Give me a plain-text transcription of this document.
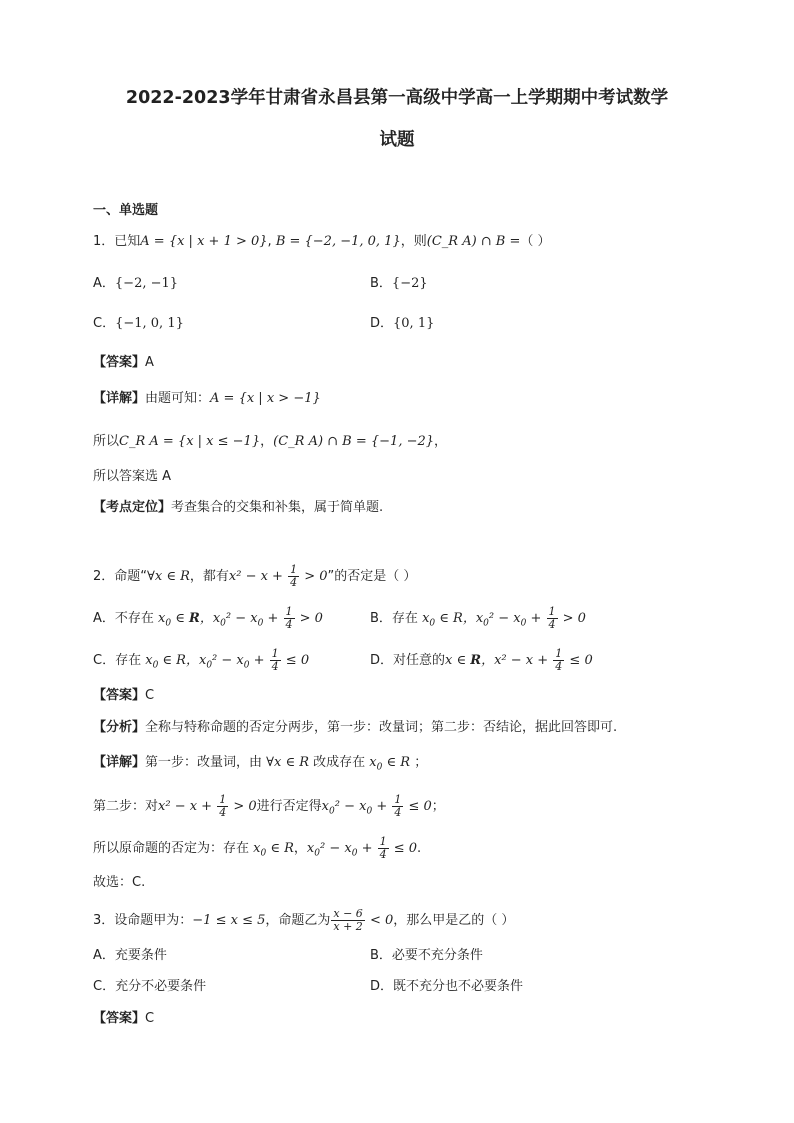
2022-2023学年甘肃省永昌县第一高级中学高一上学期期中考试数学
试题
一、单选题
1．已知A = {x | x + 1 > 0}, B = {−2, −1, 0, 1}，则(C_R A) ∩ B =（ ）
A．{−2, −1}	B．{−2}
C．{−1, 0, 1}	D．{0, 1}
【答案】A
【详解】由题可知：A = {x | x > −1}
所以C_R A = {x | x ≤ −1}，(C_R A) ∩ B = {−1, −2}，
所以答案选 A
【考点定位】考查集合的交集和补集，属于简单题.
2．命题“∀x ∈ R，都有$x^2 - x + \frac{1}{4} > 0$”的否定是（ ）
A．不存在 $x_0$ ∈ R，$x_0^2 - x_0 + \frac{1}{4} > 0$	B．存在 $x_0$ ∈ R，$x_0^2 - x_0 + \frac{1}{4} > 0$
C．存在 $x_0$ ∈ R，$x_0^2 - x_0 + \frac{1}{4} \le 0$	D．对任意的x ∈ R，$x^2 - x + \frac{1}{4} \le 0$
【答案】C
【分析】全称与特称命题的否定分两步，第一步：改量词；第二步：否结论，据此回答即可.
【详解】第一步：改量词，由 ∀x ∈ R 改成存在 $x_0$ ∈ R ；
第二步：对$x^2 - x + \frac{1}{4} > 0$进行否定得$x_0^2 - x_0 + \frac{1}{4} \le 0$；
所以原命题的否定为：存在 $x_0$ ∈ R，$x_0^2 - x_0 + \frac{1}{4} \le 0$.
故选：C.
3．设命题甲为：−1 ≤ x ≤ 5，命题乙为 $\frac{x - 6}{x + 2} < 0$，那么甲是乙的（ ）
A．充要条件	B．必要不充分条件
C．充分不必要条件	D．既不充分也不必要条件
【答案】C
